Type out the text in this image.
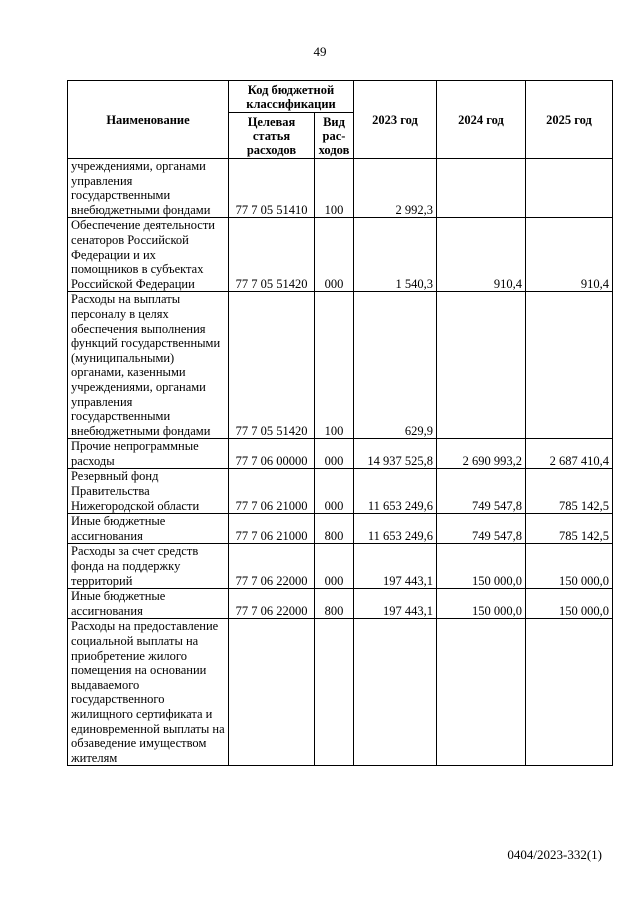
49
Наименование	Код бюджетной классификации		2023 год	2024 год	2025 год
	Целевая статья расходов	Вид рас-ходов			
учреждениями, органами управления государственными внебюджетными фондами	77 7 05 51410	100	2 992,3		
Обеспечение деятельности сенаторов Российской Федерации и их помощников в субъектах Российской Федерации	77 7 05 51420	000	1 540,3	910,4	910,4
Расходы на выплаты персоналу в целях обеспечения выполнения функций государственными (муниципальными) органами, казенными учреждениями, органами управления государственными внебюджетными фондами	77 7 05 51420	100	629,9		
Прочие непрограммные расходы	77 7 06 00000	000	14 937 525,8	2 690 993,2	2 687 410,4
Резервный фонд Правительства Нижегородской области	77 7 06 21000	000	11 653 249,6	749 547,8	785 142,5
Иные бюджетные ассигнования	77 7 06 21000	800	11 653 249,6	749 547,8	785 142,5
Расходы за счет средств фонда на поддержку территорий	77 7 06 22000	000	197 443,1	150 000,0	150 000,0
Иные бюджетные ассигнования	77 7 06 22000	800	197 443,1	150 000,0	150 000,0
Расходы на предоставление социальной выплаты на приобретение жилого помещения на основании выдаваемого государственного жилищного сертификата и единовременной выплаты на обзаведение имуществом жителям					
0404/2023-332(1)
